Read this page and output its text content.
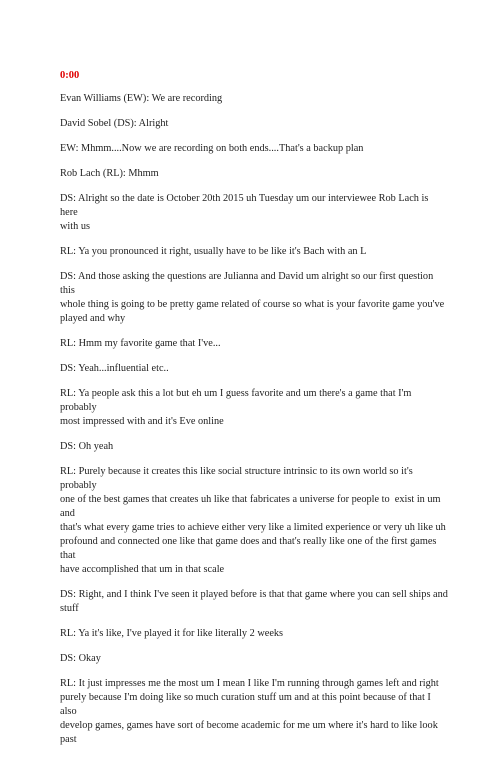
0:00

Evan Williams (EW): We are recording

David Sobel (DS): Alright

EW: Mhmm....Now we are recording on both ends....That's a backup plan

Rob Lach (RL): Mhmm

DS: Alright so the date is October 20th 2015 uh Tuesday um our interviewee Rob Lach is here
with us

RL: Ya you pronounced it right, usually have to be like it's Bach with an L

DS: And those asking the questions are Julianna and David um alright so our first question this
whole thing is going to be pretty game related of course so what is your favorite game you've
played and why

RL: Hmm my favorite game that I've...

DS: Yeah...influential etc..

RL: Ya people ask this a lot but eh um I guess favorite and um there's a game that I'm probably
most impressed with and it's Eve online

DS: Oh yeah

RL: Purely because it creates this like social structure intrinsic to its own world so it's probably
one of the best games that creates uh like that fabricates a universe for people to  exist in um and
that's what every game tries to achieve either very like a limited experience or very uh like uh
profound and connected one like that game does and that's really like one of the first games that
have accomplished that um in that scale

DS: Right, and I think I've seen it played before is that that game where you can sell ships and
stuff

RL: Ya it's like, I've played it for like literally 2 weeks

DS: Okay

RL: It just impresses me the most um I mean I like I'm running through games left and right
purely because I'm doing like so much curation stuff um and at this point because of that I also
develop games, games have sort of become academic for me um where it's hard to like look past
